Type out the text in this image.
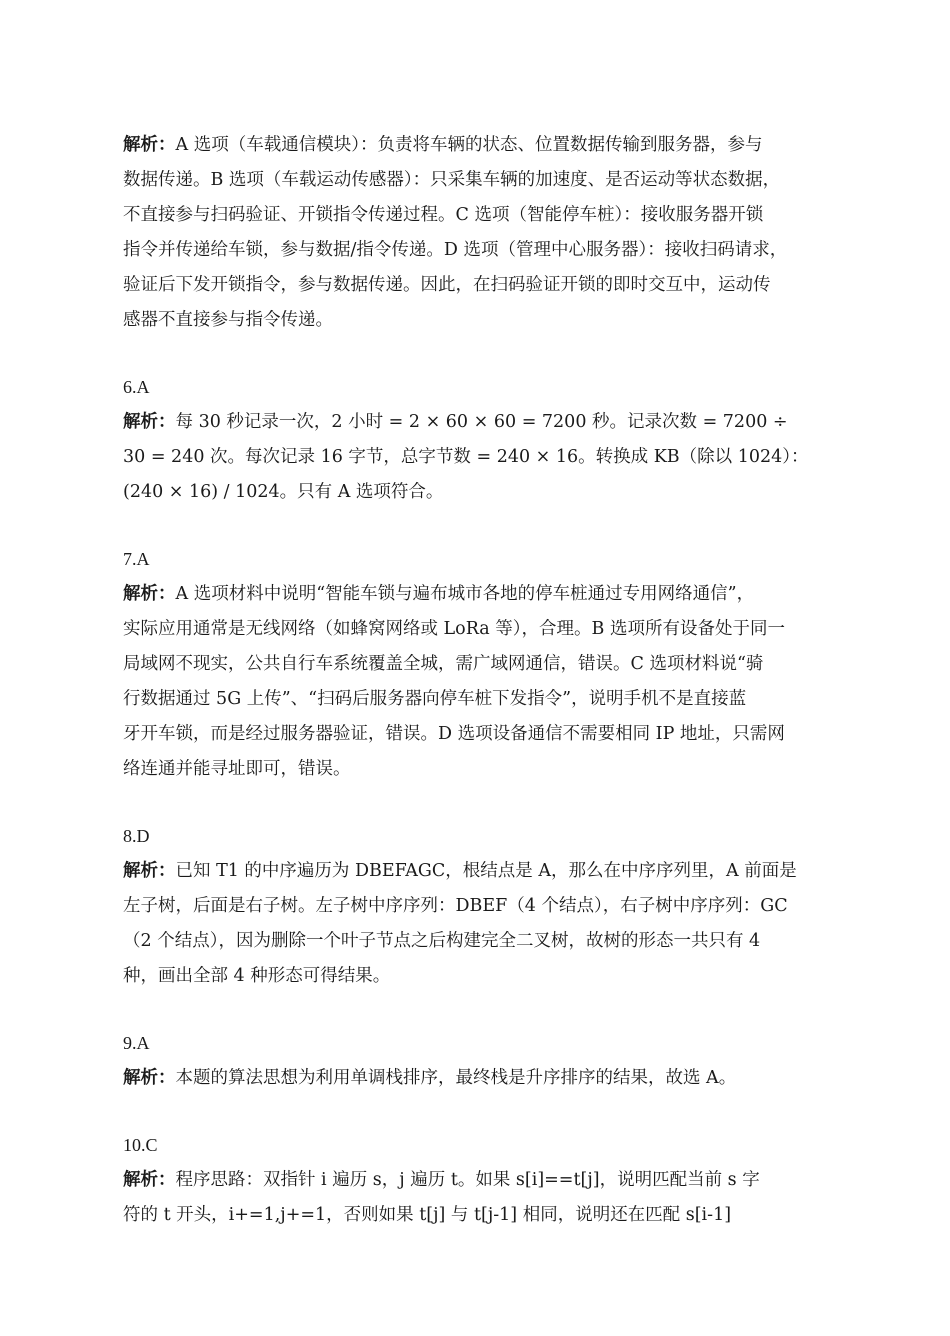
解析：A 选项（车载通信模块）：负责将车辆的状态、位置数据传输到服务器，参与
数据传递。B 选项（车载运动传感器）：只采集车辆的加速度、是否运动等状态数据，
不直接参与扫码验证、开锁指令传递过程。C 选项（智能停车桩）：接收服务器开锁
指令并传递给车锁，参与数据/指令传递。D 选项（管理中心服务器）：接收扫码请求，
验证后下发开锁指令，参与数据传递。因此，在扫码验证开锁的即时交互中，运动传
感器不直接参与指令传递。

6.A

解析：每 30 秒记录一次，2 小时 = 2 × 60 × 60 = 7200 秒。记录次数 = 7200 ÷
30 = 240 次。每次记录 16 字节，总字节数 = 240 × 16。转换成 KB（除以 1024）：
(240 × 16) / 1024。只有 A 选项符合。

7.A

解析：A 选项材料中说明“智能车锁与遍布城市各地的停车桩通过专用网络通信”，
实际应用通常是无线网络（如蜂窝网络或 LoRa 等），合理。B 选项所有设备处于同一
局域网不现实，公共自行车系统覆盖全城，需广域网通信，错误。C 选项材料说“骑
行数据通过 5G 上传”、“扫码后服务器向停车桩下发指令”，说明手机不是直接蓝
牙开车锁，而是经过服务器验证，错误。D 选项设备通信不需要相同 IP 地址，只需网
络连通并能寻址即可，错误。

8.D

解析：已知 T1 的中序遍历为 DBEFAGC，根结点是 A，那么在中序序列里，A 前面是
左子树，后面是右子树。左子树中序序列：DBEF（4 个结点），右子树中序序列：GC
（2 个结点），因为删除一个叶子节点之后构建完全二叉树，故树的形态一共只有 4
种，画出全部 4 种形态可得结果。

9.A

解析：本题的算法思想为利用单调栈排序，最终栈是升序排序的结果，故选 A。

10.C

解析：程序思路：双指针 i 遍历 s，j 遍历 t。如果 s[i]==t[j]，说明匹配当前 s 字
符的 t 开头，i+=1,j+=1，否则如果 t[j] 与 t[j-1] 相同，说明还在匹配 s[i-1]
